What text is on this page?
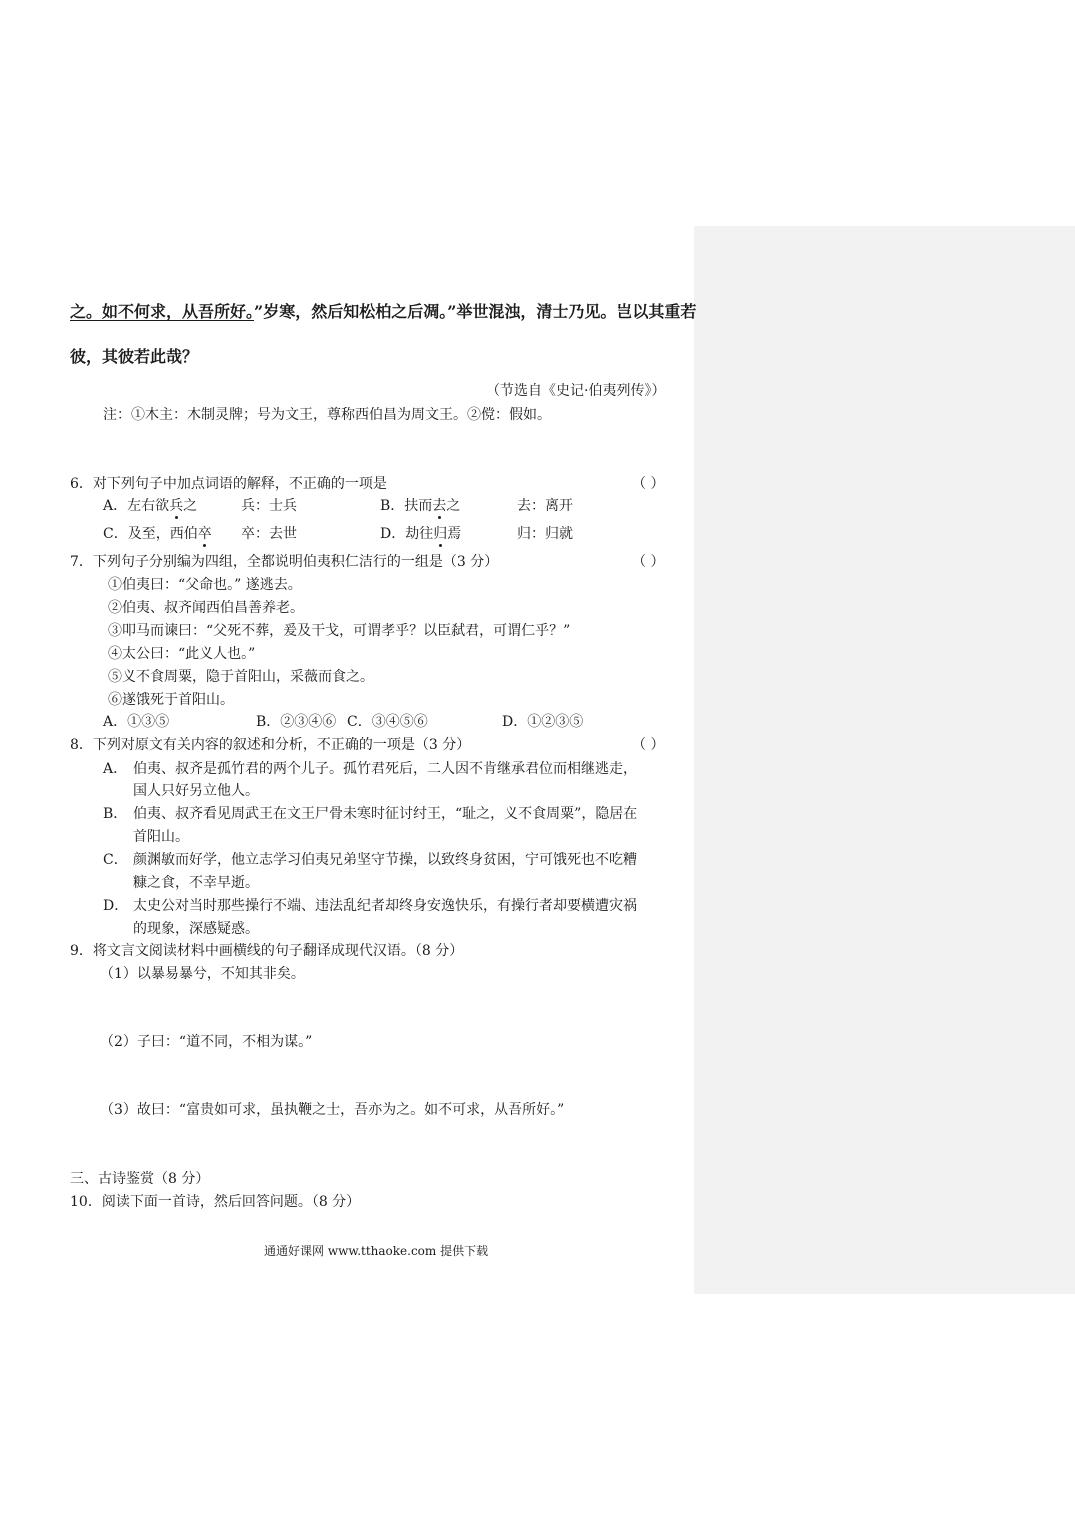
之。如不何求，从吾所好。”岁寒，然后知松柏之后凋。”举世混浊，清士乃见。岂以其重若
彼，其彼若此哉？
（节选自《史记·伯夷列传》）
注：①木主：木制灵牌；号为文王，尊称西伯昌为周文王。②傥：假如。
6．对下列句子中加点词语的解释，不正确的一项是	（ ）
A．左右欲兵之	兵：士兵	B．扶而去之	去：离开
C．及至，西伯卒 卒：去世	D．劫往归焉	归：归就
7．下列句子分别编为四组，全都说明伯夷积仁洁行的一组是（3 分）	（ ）
①伯夷曰：“父命也。” 遂逃去。
②伯夷、叔齐闻西伯昌善养老。
③叩马而谏曰：“父死不葬，爰及干戈，可谓孝乎？以臣弑君，可谓仁乎？”
④太公曰：“此义人也。”
⑤义不食周粟，隐于首阳山，采薇而食之。
⑥遂饿死于首阳山。
A．①③⑤	B．②③④⑥ C．③④⑤⑥	D．①②③⑤
8．下列对原文有关内容的叙述和分析，不正确的一项是（3 分）	（ ）
A． 伯夷、叔齐是孤竹君的两个儿子。孤竹君死后，二人因不肯继承君位而相继逃走，
国人只好另立他人。
B． 伯夷、叔齐看见周武王在文王尸骨未寒时征讨纣王，“耻之，义不食周粟”，隐居在
首阳山。
C． 颜渊敏而好学，他立志学习伯夷兄弟坚守节操，以致终身贫困，宁可饿死也不吃糟
糠之食，不幸早逝。
D． 太史公对当时那些操行不端、违法乱纪者却终身安逸快乐，有操行者却要横遭灾祸
的现象，深感疑惑。
9．将文言文阅读材料中画横线的句子翻译成现代汉语。（8 分）
（1）以暴易暴兮，不知其非矣。
（2）子曰：“道不同，不相为谋。”
（3）故曰：“富贵如可求，虽执鞭之士，吾亦为之。如不可求，从吾所好。”
三、古诗鉴赏（8 分）
10．阅读下面一首诗，然后回答问题。（8 分）
通通好课网 www.tthaoke.com 提供下载
